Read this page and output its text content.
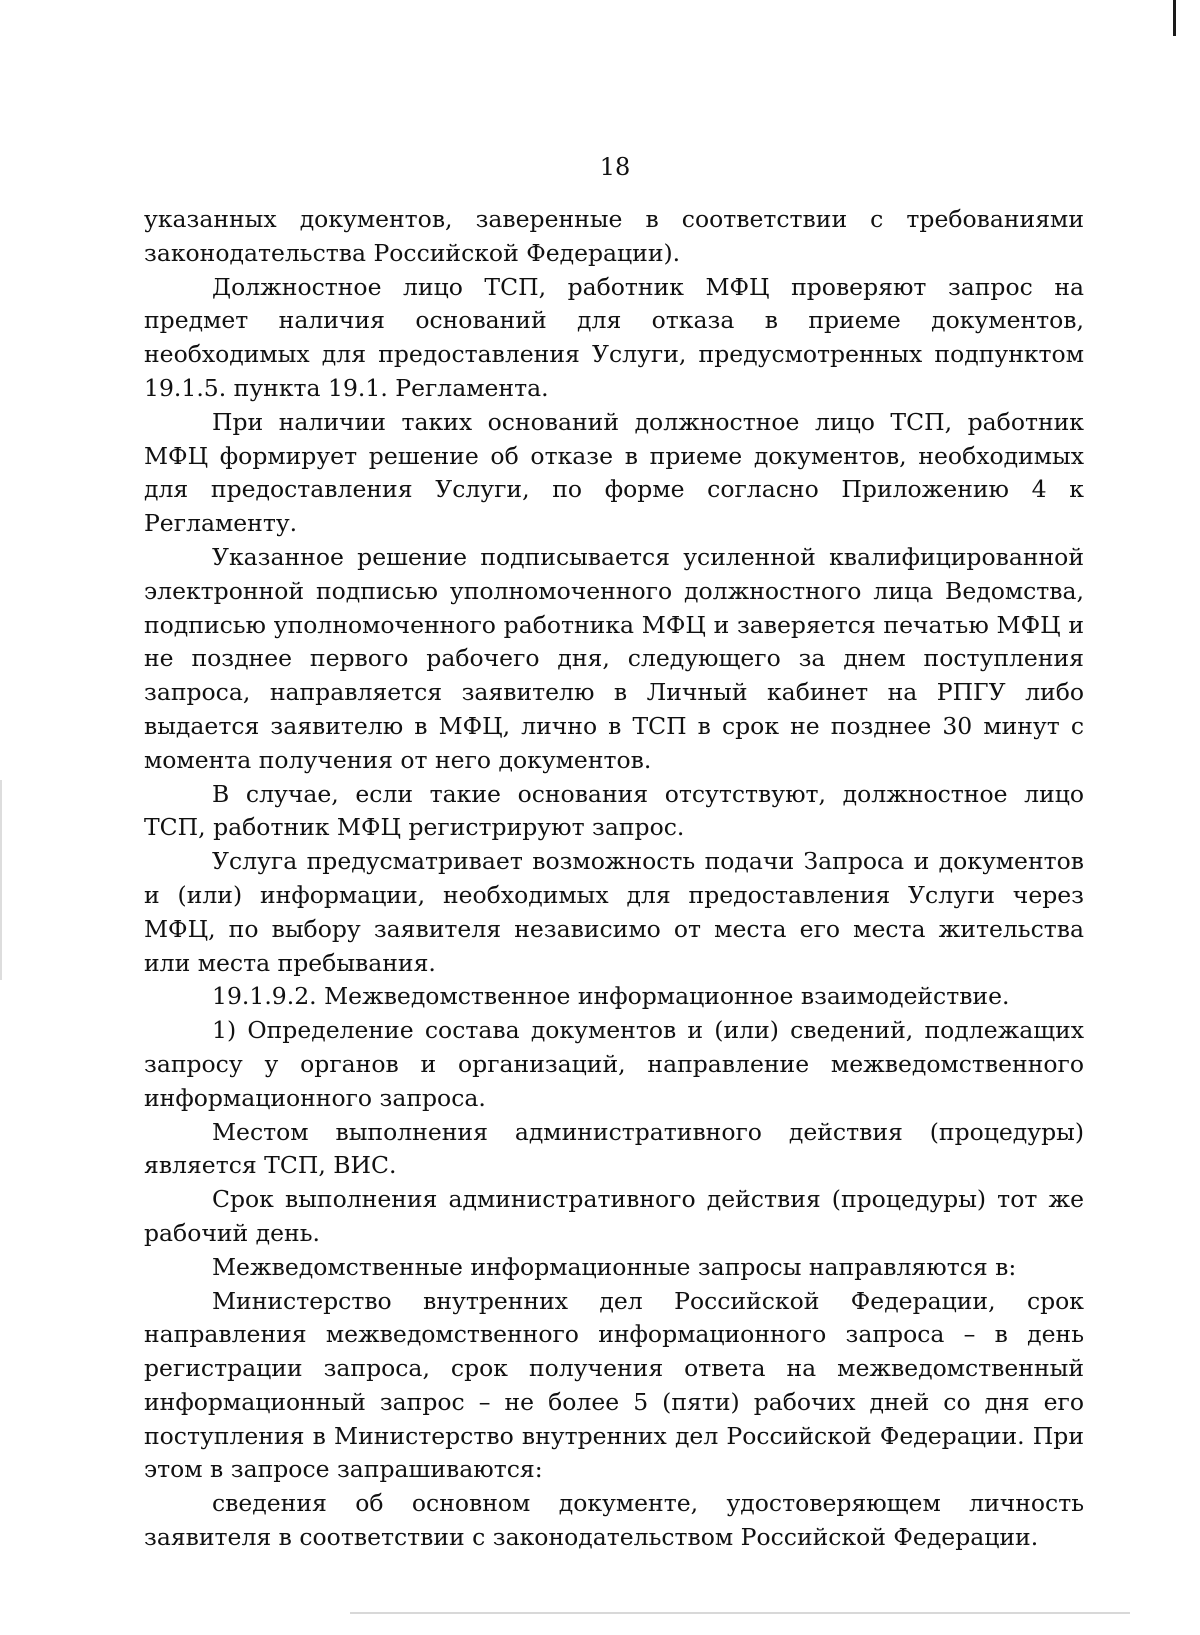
18

указанных документов, заверенные в соответствии с требованиями законодательства Российской Федерации).

Должностное лицо ТСП, работник МФЦ проверяют запрос на предмет наличия оснований для отказа в приеме документов, необходимых для предоставления Услуги, предусмотренных подпунктом 19.1.5. пункта 19.1. Регламента.

При наличии таких оснований должностное лицо ТСП, работник МФЦ формирует решение об отказе в приеме документов, необходимых для предоставления Услуги, по форме согласно Приложению 4 к Регламенту.

Указанное решение подписывается усиленной квалифицированной электронной подписью уполномоченного должностного лица Ведомства, подписью уполномоченного работника МФЦ и заверяется печатью МФЦ и не позднее первого рабочего дня, следующего за днем поступления запроса, направляется заявителю в Личный кабинет на РПГУ либо выдается заявителю в МФЦ, лично в ТСП в срок не позднее 30 минут с момента получения от него документов.

В случае, если такие основания отсутствуют, должностное лицо ТСП, работник МФЦ регистрируют запрос.

Услуга предусматривает возможность подачи Запроса и документов и (или) информации, необходимых для предоставления Услуги через МФЦ, по выбору заявителя независимо от места его места жительства или места пребывания.

19.1.9.2. Межведомственное информационное взаимодействие.

1) Определение состава документов и (или) сведений, подлежащих запросу у органов и организаций, направление межведомственного информационного запроса.

Местом выполнения административного действия (процедуры) является ТСП, ВИС.

Срок выполнения административного действия (процедуры) тот же рабочий день.

Межведомственные информационные запросы направляются в:

Министерство внутренних дел Российской Федерации, срок направления межведомственного информационного запроса – в день регистрации запроса, срок получения ответа на межведомственный информационный запрос – не более 5 (пяти) рабочих дней со дня его поступления в Министерство внутренних дел Российской Федерации. При этом в запросе запрашиваются:

сведения об основном документе, удостоверяющем личность заявителя в соответствии с законодательством Российской Федерации.
